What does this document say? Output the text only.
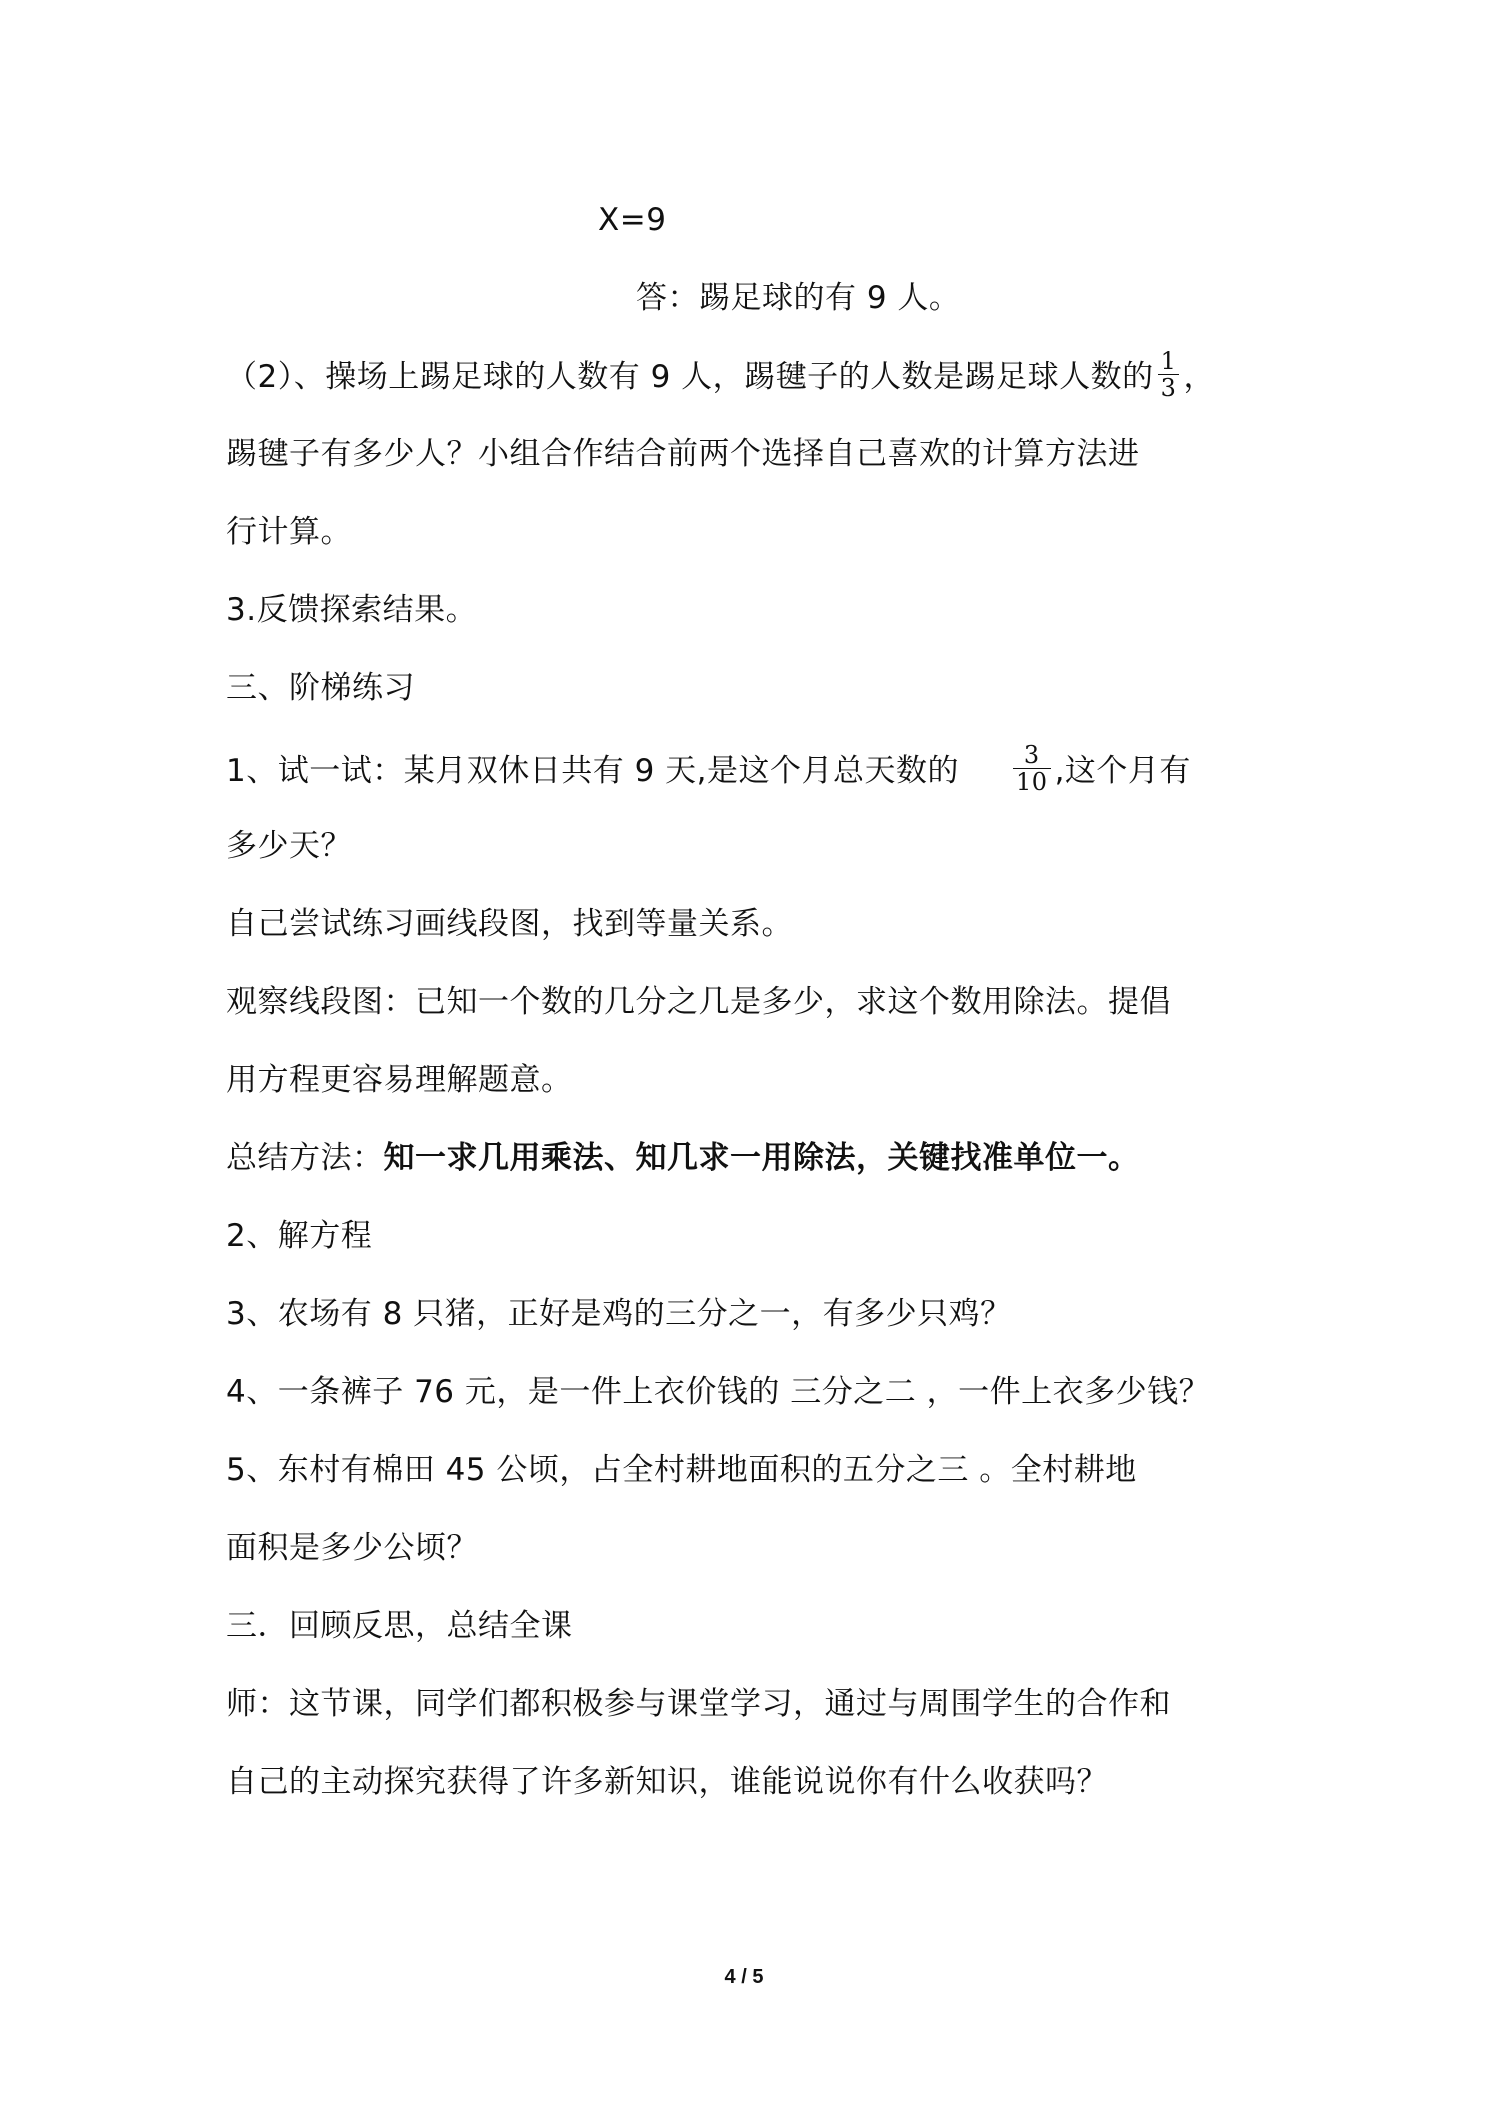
X=9
答：踢足球的有 9 人。
（2）、操场上踢足球的人数有 9 人，踢毽子的人数是踢足球人数的 $\frac{1}{3}$ ，
踢毽子有多少人？小组合作结合前两个选择自己喜欢的计算方法进
行计算。
3.反馈探索结果。
三、阶梯练习
1、试一试：某月双休日共有 9 天,是这个月总天数的 $\frac{3}{10}$ ,这个月有
多少天？
自己尝试练习画线段图，找到等量关系。
观察线段图：已知一个数的几分之几是多少，求这个数用除法。提倡
用方程更容易理解题意。
总结方法：知一求几用乘法、知几求一用除法，关键找准单位一。
2、解方程
3、农场有 8 只猪，正好是鸡的三分之一，有多少只鸡？
4、一条裤子 76 元，是一件上衣价钱的 三分之二 ，一件上衣多少钱？
5、东村有棉田 45 公顷，占全村耕地面积的五分之三 。全村耕地
面积是多少公顷？
三．回顾反思，总结全课
师：这节课，同学们都积极参与课堂学习，通过与周围学生的合作和
自己的主动探究获得了许多新知识，谁能说说你有什么收获吗？
4 / 5
